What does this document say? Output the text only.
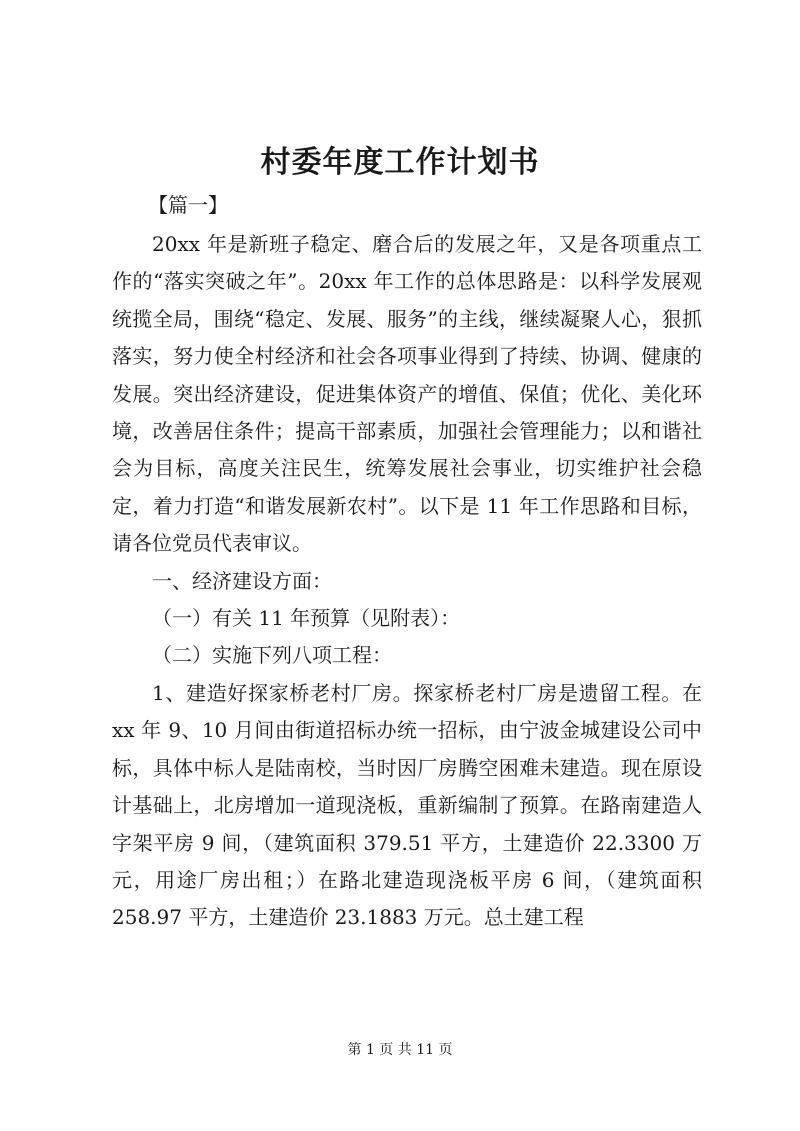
村委年度工作计划书
【篇一】

20xx 年是新班子稳定、磨合后的发展之年，又是各项重点工作的“落实突破之年”。20xx 年工作的总体思路是：以科学发展观统揽全局，围绕“稳定、发展、服务”的主线，继续凝聚人心，狠抓落实，努力使全村经济和社会各项事业得到了持续、协调、健康的发展。突出经济建设，促进集体资产的增值、保值；优化、美化环境，改善居住条件；提高干部素质，加强社会管理能力；以和谐社会为目标，高度关注民生，统筹发展社会事业，切实维护社会稳定，着力打造“和谐发展新农村”。以下是 11 年工作思路和目标，请各位党员代表审议。

一、经济建设方面：

（一）有关 11 年预算（见附表）：

（二）实施下列八项工程：

1、建造好探家桥老村厂房。探家桥老村厂房是遗留工程。在 xx 年 9、10 月间由街道招标办统一招标，由宁波金城建设公司中标，具体中标人是陆南校，当时因厂房腾空困难未建造。现在原设计基础上，北房增加一道现浇板，重新编制了预算。在路南建造人字架平房 9 间，（建筑面积 379.51 平方，土建造价 22.3300 万元，用途厂房出租；）在路北建造现浇板平房 6 间，（建筑面积 258.97 平方，土建造价 23.1883 万元。总土建工程

第 1 页 共 11 页
